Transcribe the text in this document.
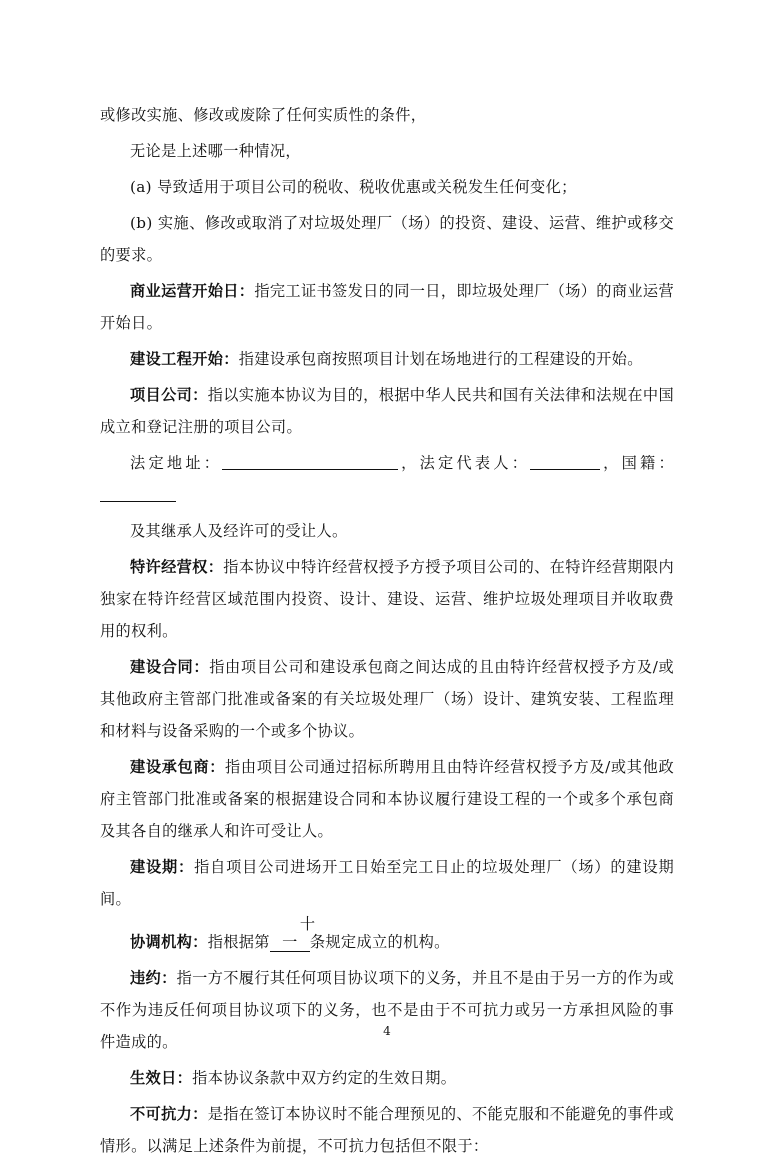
或修改实施、修改或废除了任何实质性的条件，

无论是上述哪一种情况，

(a) 导致适用于项目公司的税收、税收优惠或关税发生任何变化；

(b) 实施、修改或取消了对垃圾处理厂（场）的投资、建设、运营、维护或移交的要求。

商业运营开始日：指完工证书签发日的同一日，即垃圾处理厂（场）的商业运营开始日。

建设工程开始：指建设承包商按照项目计划在场地进行的工程建设的开始。

项目公司：指以实施本协议为目的，根据中华人民共和国有关法律和法规在中国成立和登记注册的项目公司。

法定地址：	，法定代表人：	，国籍：

及其继承人及经许可的受让人。

特许经营权：指本协议中特许经营权授予方授予项目公司的、在特许经营期限内独家在特许经营区域范围内投资、设计、建设、运营、维护垃圾处理项目并收取费用的权利。

建设合同：指由项目公司和建设承包商之间达成的且由特许经营权授予方及/或其他政府主管部门批准或备案的有关垃圾处理厂（场）设计、建筑安装、工程监理和材料与设备采购的一个或多个协议。

建设承包商：指由项目公司通过招标所聘用且由特许经营权授予方及/或其他政府主管部门批准或备案的根据建设合同和本协议履行建设工程的一个或多个承包商及其各自的继承人和许可受让人。

建设期：指自项目公司进场开工日始至完工日止的垃圾处理厂（场）的建设期间。

协调机构：指根据第十一 条规定成立的机构。

违约：指一方不履行其任何项目协议项下的义务，并且不是由于另一方的作为或不作为违反任何项目协议项下的义务，也不是由于不可抗力或另一方承担风险的事件造成的。

生效日：指本协议条款中双方约定的生效日期。

不可抗力：是指在签订本协议时不能合理预见的、不能克服和不能避免的事件或情形。以满足上述条件为前提，不可抗力包括但不限于：

4
